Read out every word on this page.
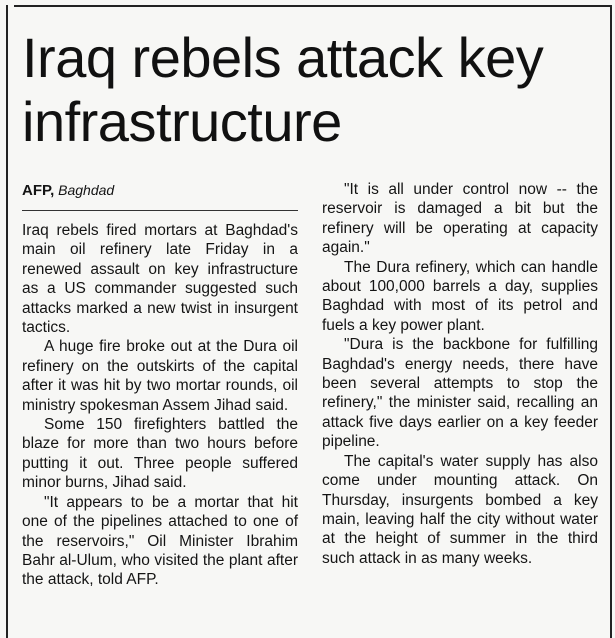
Iraq rebels attack key
infrastructure
AFP, Baghdad

Iraq rebels fired mortars at Baghdad's main oil refinery late Friday in a renewed assault on key infrastructure as a US commander suggested such attacks marked a new twist in insurgent tactics.

A huge fire broke out at the Dura oil refinery on the outskirts of the capital after it was hit by two mortar rounds, oil ministry spokesman Assem Jihad said.

Some 150 firefighters battled the blaze for more than two hours before putting it out. Three people suffered minor burns, Jihad said.

"It appears to be a mortar that hit one of the pipelines attached to one of the reservoirs," Oil Minister Ibrahim Bahr al-Ulum, who visited the plant after the attack, told AFP.

"It is all under control now -- the reservoir is damaged a bit but the refinery will be operating at capacity again."

The Dura refinery, which can handle about 100,000 barrels a day, supplies Baghdad with most of its petrol and fuels a key power plant.

"Dura is the backbone for fulfilling Baghdad's energy needs, there have been several attempts to stop the refinery," the minister said, recalling an attack five days earlier on a key feeder pipeline.

The capital's water supply has also come under mounting attack. On Thursday, insurgents bombed a key main, leaving half the city without water at the height of summer in the third such attack in as many weeks.
